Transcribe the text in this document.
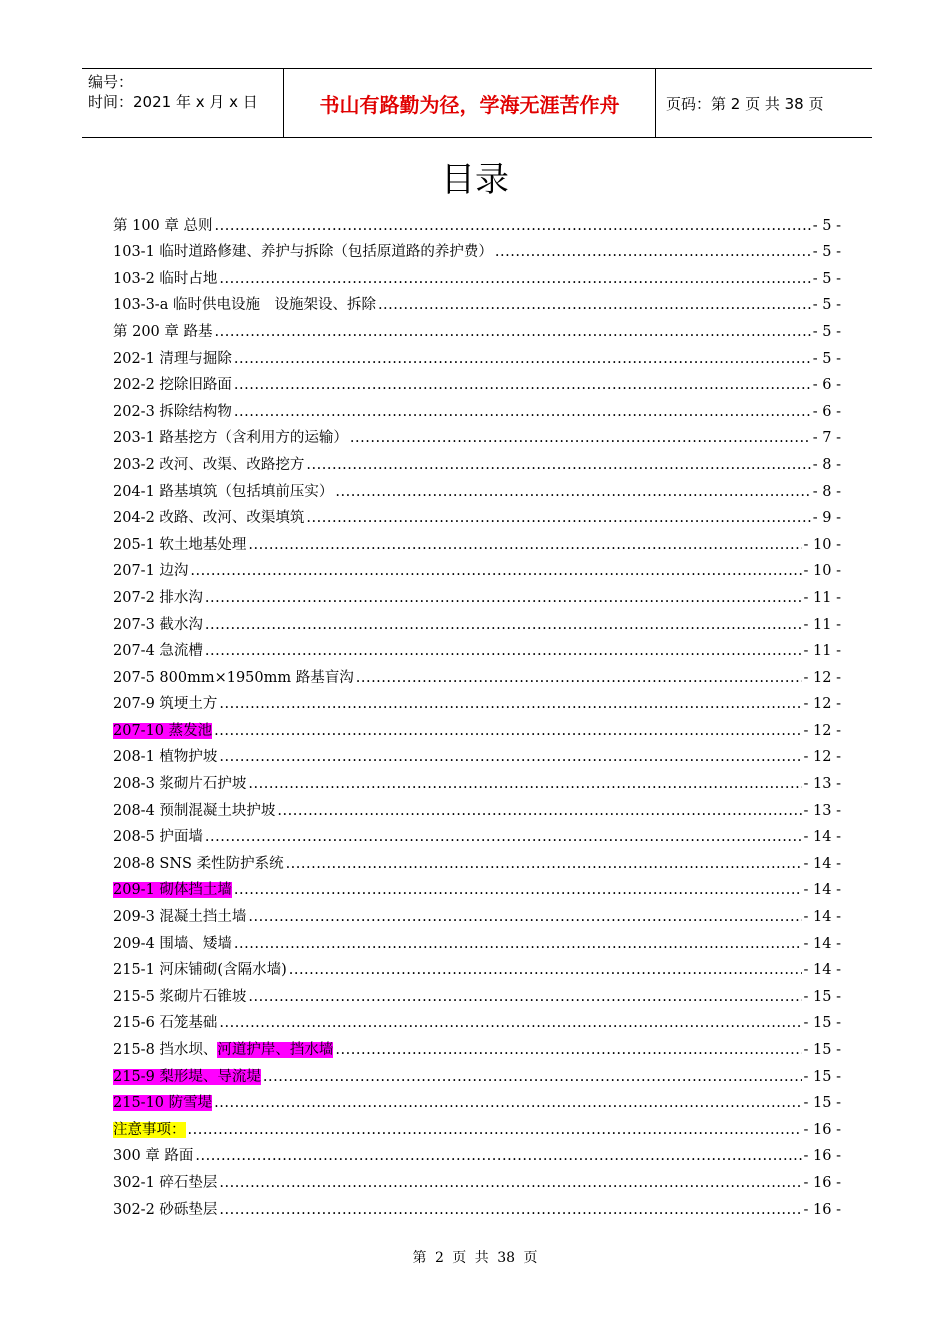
编号：
时间：2021 年 x 月 x 日	书山有路勤为径，学海无涯苦作舟	页码：第 2 页 共 38 页
目录
第 100 章 总则 .....	- 5 -
103-1 临时道路修建、养护与拆除（包括原道路的养护费） .....	- 5 -
103-2 临时占地 .....	- 5 -
103-3-a 临时供电设施　设施架设、拆除 .....	- 5 -
第 200 章 路基 .....	- 5 -
202-1 清理与掘除 .....	- 5 -
202-2 挖除旧路面 .....	- 6 -
202-3 拆除结构物 .....	- 6 -
203-1 路基挖方（含利用方的运输） .....	- 7 -
203-2 改河、改渠、改路挖方 .....	- 8 -
204-1 路基填筑（包括填前压实） .....	- 8 -
204-2 改路、改河、改渠填筑 .....	- 9 -
205-1 软土地基处理 .....	- 10 -
207-1 边沟 .....	- 10 -
207-2 排水沟 .....	- 11 -
207-3 截水沟 .....	- 11 -
207-4 急流槽 .....	- 11 -
207-5 800mm×1950mm 路基盲沟 .....	- 12 -
207-9 筑埂土方 .....	- 12 -
207-10 蒸发池 .....	- 12 -
208-1 植物护坡 .....	- 12 -
208-3 浆砌片石护坡 .....	- 13 -
208-4 预制混凝土块护坡 .....	- 13 -
208-5 护面墙 .....	- 14 -
208-8 SNS 柔性防护系统 .....	- 14 -
209-1 砌体挡土墙 .....	- 14 -
209-3 混凝土挡土墙 .....	- 14 -
209-4 围墙、矮墙 .....	- 14 -
215-1 河床铺砌(含隔水墙) .....	- 14 -
215-5 浆砌片石锥坡 .....	- 15 -
215-6 石笼基础 .....	- 15 -
215-8 挡水坝、河道护岸、挡水墙 .....	- 15 -
215-9 梨形堤、导流堤 .....	- 15 -
215-10 防雪堤 .....	- 15 -
注意事项： .....	- 16 -
300 章 路面 .....	- 16 -
302-1 碎石垫层 .....	- 16 -
302-2 砂砾垫层 .....	- 16 -
第 2 页 共 38 页
